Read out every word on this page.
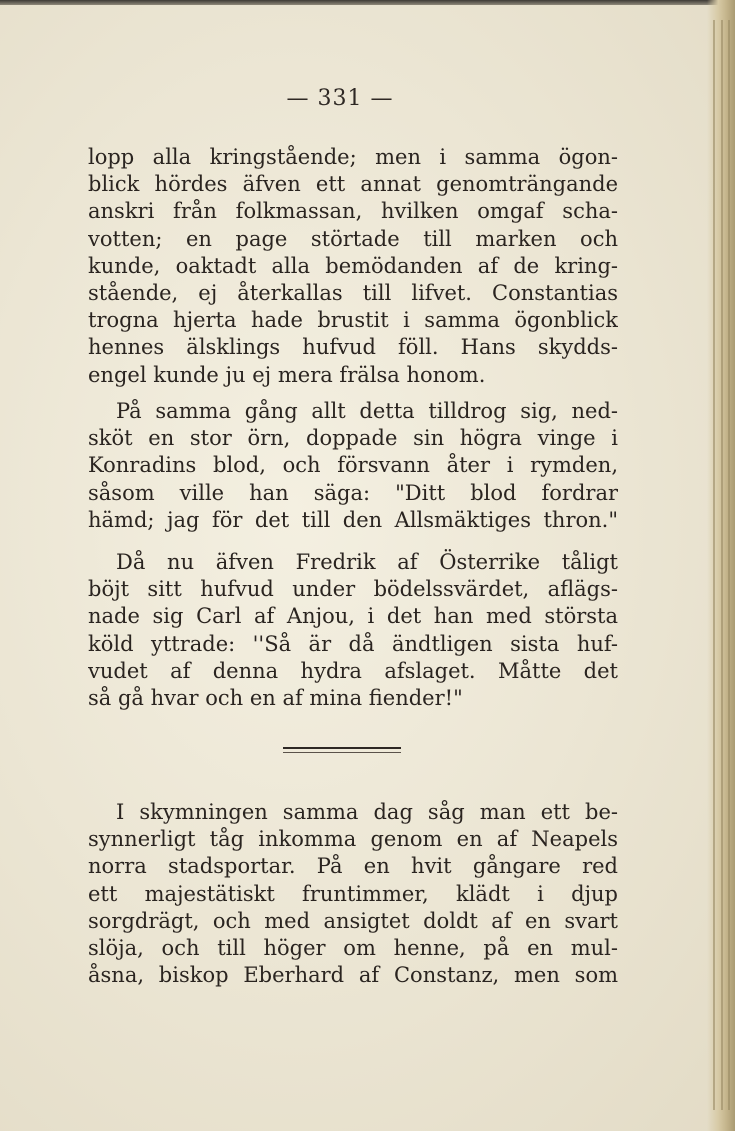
— 331 —
lopp alla kringstående; men i samma ögon-
blick hördes äfven ett annat genomträngande
anskri från folkmassan, hvilken omgaf scha-
votten; en page störtade till marken och
kunde, oaktadt alla bemödanden af de kring-
stående, ej återkallas till lifvet. Constantias
trogna hjerta hade brustit i samma ögonblick
hennes älsklings hufvud föll. Hans skydds-
engel kunde ju ej mera frälsa honom.
På samma gång allt detta tilldrog sig, ned-
sköt en stor örn, doppade sin högra vinge i
Konradins blod, och försvann åter i rymden,
såsom ville han säga: "Ditt blod fordrar
hämd; jag för det till den Allsmäktiges thron."
Då nu äfven Fredrik af Österrike tåligt
böjt sitt hufvud under bödelssvärdet, aflägs-
nade sig Carl af Anjou, i det han med största
köld yttrade: ''Så är då ändtligen sista huf-
vudet af denna hydra afslaget. Måtte det
så gå hvar och en af mina fiender!"
I skymningen samma dag såg man ett be-
synnerligt tåg inkomma genom en af Neapels
norra stadsportar. På en hvit gångare red
ett majestätiskt fruntimmer, klädt i djup
sorgdrägt, och med ansigtet doldt af en svart
slöja, och till höger om henne, på en mul-
åsna, biskop Eberhard af Constanz, men som
